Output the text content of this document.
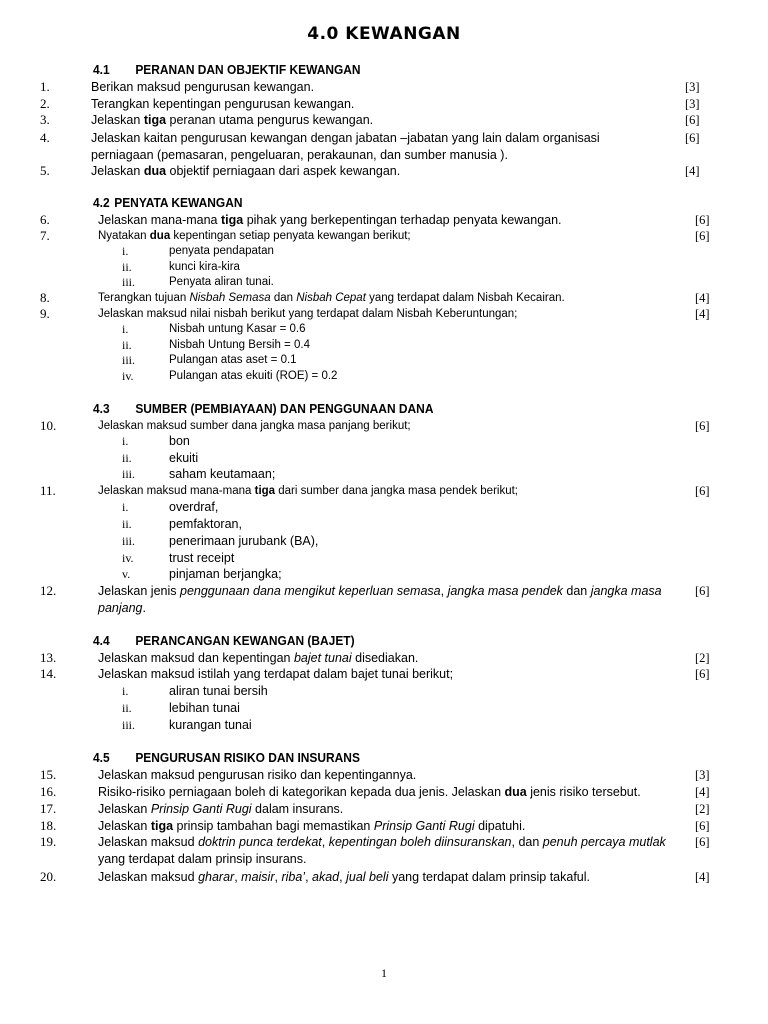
4.0 KEWANGAN
4.1 PERANAN DAN OBJEKTIF KEWANGAN
1.	Berikan maksud pengurusan kewangan.	[3]
2.	Terangkan kepentingan pengurusan kewangan.	[3]
3.	Jelaskan tiga peranan utama pengurus kewangan.	[6]
4.	Jelaskan kaitan pengurusan kewangan dengan jabatan –jabatan yang lain dalam organisasi perniagaan (pemasaran, pengeluaran, perakaunan, dan sumber manusia ).
[6]
5.	Jelaskan dua objektif perniagaan dari aspek kewangan.	[4]
4.2 PENYATA KEWANGAN
6.	Jelaskan mana-mana tiga pihak yang berkepentingan terhadap penyata kewangan.	[6]
7.	Nyatakan dua kepentingan setiap penyata kewangan berikut;	[6]
i.	penyata pendapatan
ii.	kunci kira-kira
iii.	Penyata aliran tunai.
8.	Terangkan tujuan Nisbah Semasa dan Nisbah Cepat yang terdapat dalam Nisbah Kecairan.	[4]
9.	Jelaskan maksud nilai nisbah berikut yang terdapat dalam Nisbah Keberuntungan;	[4]
i.	Nisbah untung Kasar = 0.6
ii.	Nisbah Untung Bersih = 0.4
iii.	Pulangan atas aset = 0.1
iv.	Pulangan atas ekuiti (ROE) = 0.2
4.3 SUMBER (PEMBIAYAAN) DAN PENGGUNAAN DANA
10.	Jelaskan maksud sumber dana jangka masa panjang berikut;	[6]
i.	bon
ii.	ekuiti
iii.	saham keutamaan;
11.	Jelaskan maksud mana-mana tiga dari sumber dana jangka masa pendek berikut;	[6]
i.	overdraf,
ii.	pemfaktoran,
iii.	penerimaan jurubank (BA),
iv.	trust receipt
v.	pinjaman berjangka;
12.	Jelaskan jenis penggunaan dana mengikut keperluan semasa, jangka masa pendek dan jangka masa panjang.
[6]
4.4 PERANCANGAN KEWANGAN (BAJET)
13.	Jelaskan maksud dan kepentingan bajet tunai disediakan.	[2]
14.	Jelaskan maksud istilah yang terdapat dalam bajet tunai berikut;	[6]
i.	aliran tunai bersih
ii.	lebihan tunai
iii.	kurangan tunai
4.5 PENGURUSAN RISIKO DAN INSURANS
15.	Jelaskan maksud pengurusan risiko dan kepentingannya.	[3]
16.	Risiko-risiko perniagaan boleh di kategorikan kepada dua jenis. Jelaskan dua jenis risiko tersebut.	[4]
17.	Jelaskan Prinsip Ganti Rugi dalam insurans.	[2]
18.	Jelaskan tiga prinsip tambahan bagi memastikan Prinsip Ganti Rugi dipatuhi.	[6]
19.	Jelaskan maksud doktrin punca terdekat, kepentingan boleh diinsuranskan, dan penuh percaya mutlak yang terdapat dalam prinsip insurans.
[6]
20.	Jelaskan maksud gharar, maisir, riba’, akad, jual beli yang terdapat dalam prinsip takaful.	[4]
1
